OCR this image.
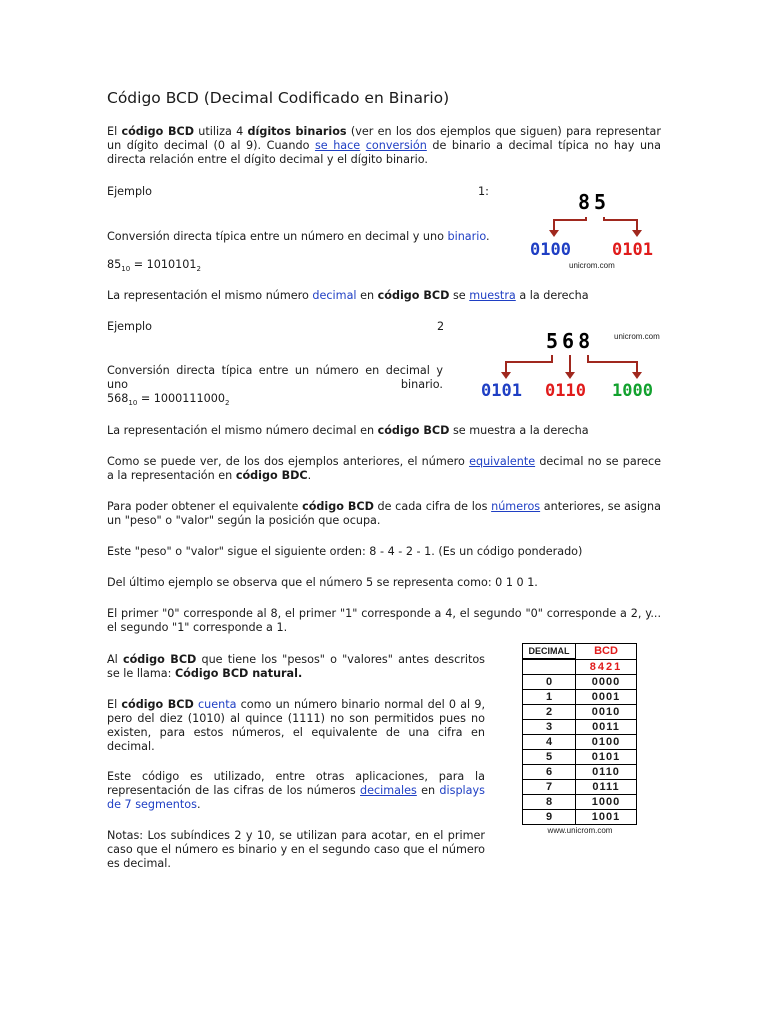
Código BCD (Decimal Codificado en Binario)

El código BCD utiliza 4 dígitos binarios (ver en los dos ejemplos que siguen) para representar un dígito decimal (0 al 9). Cuando se hace conversión de binario a decimal típica no hay una directa relación entre el dígito decimal y el dígito binario.

Ejemplo	1:

Conversión directa típica entre un número en decimal y uno binario.

$85_{10} = 1010101_2$

La representación el mismo número decimal en código BCD se muestra a la derecha

85
0100 0101
unicrom.com
Ejemplo	2

Conversión directa típica entre un número en decimal y uno binario.

$568_{10} = 1000111000_2$

La representación el mismo número decimal en código BCD se muestra a la derecha

568 unicrom.com
0101 0110 1000

Como se puede ver, de los dos ejemplos anteriores, el número equivalente decimal no se parece a la representación en código BDC.

Para poder obtener el equivalente código BCD de cada cifra de los números anteriores, se asigna un "peso" o "valor" según la posición que ocupa.

Este "peso" o "valor" sigue el siguiente orden: 8 - 4 - 2 - 1. (Es un código ponderado)

Del último ejemplo se observa que el número 5 se representa como: 0 1 0 1.

El primer "0" corresponde al 8, el primer "1" corresponde a 4, el segundo "0" corresponde a 2, y... el segundo "1" corresponde a 1.

Al código BCD que tiene los "pesos" o "valores" antes descritos se le llama: Código BCD natural.

El código BCD cuenta como un número binario normal del 0 al 9, pero del diez (1010) al quince (1111) no son permitidos pues no existen, para estos números, el equivalente de una cifra en decimal.

Este código es utilizado, entre otras aplicaciones, para la representación de las cifras de los números decimales en displays de 7 segmentos.

Notas: Los subíndices 2 y 10, se utilizan para acotar, en el primer caso que el número es binario y en el segundo caso que el número es decimal.

DECIMAL	BCD
	8421
0	0000
1	0001
2	0010
3	0011
4	0100
5	0101
6	0110
7	0111
8	1000
9	1001
www.unicrom.com
